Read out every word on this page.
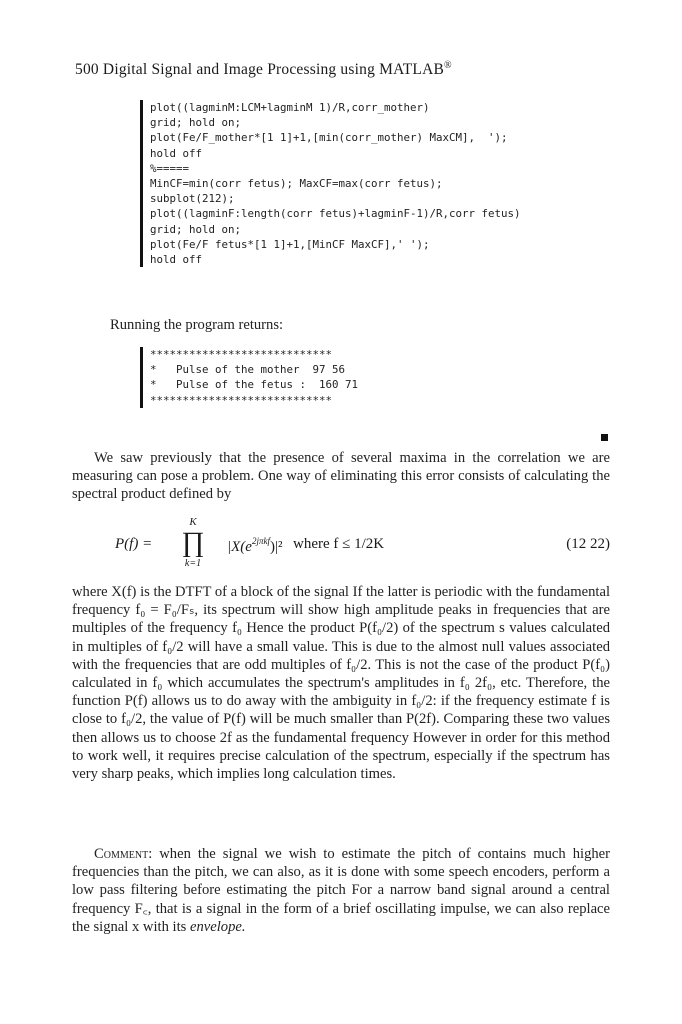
500 Digital Signal and Image Processing using MATLAB®
plot((lagminM:LCM+lagminM 1)/R,corr_mother)
grid; hold on;
plot(Fe/F_mother*[1 1]+1,[min(corr_mother) MaxCM],  ');
hold off
%=====
MinCF=min(corr fetus); MaxCF=max(corr fetus);
subplot(212);
plot((lagminF:length(corr fetus)+lagminF-1)/R,corr fetus)
grid; hold on;
plot(Fe/F fetus*[1 1]+1,[MinCF MaxCF],' ');
hold off
Running the program returns:
****************************
*   Pulse of the mother  97 56
*   Pulse of the fetus :  160 71
****************************
We saw previously that the presence of several maxima in the correlation we are measuring can pose a problem. One way of eliminating this error consists of calculating the spectral product defined by
P(f) =
K
∏
k=1
$|X(e^{2j\pi kf})|^2$ where f ≤ 1/2K	(12 22)
where X(f) is the DTFT of a block of the signal If the latter is periodic with the fundamental frequency f₀ = F₀/Fₛ, its spectrum will show high amplitude peaks in frequencies that are multiples of the frequency f₀ Hence the product P(f₀/2) of the spectrum s values calculated in multiples of f₀/2 will have a small value. This is due to the almost null values associated with the frequencies that are odd multiples of f₀/2. This is not the case of the product P(f₀) calculated in f₀ which accumulates the spectrum's amplitudes in f₀ 2f₀, etc. Therefore, the function P(f) allows us to do away with the ambiguity in f₀/2: if the frequency estimate f is close to f₀/2, the value of P(f) will be much smaller than P(2f). Comparing these two values then allows us to choose 2f as the fundamental frequency However in order for this method to work well, it requires precise calculation of the spectrum, especially if the spectrum has very sharp peaks, which implies long calculation times.
Comment: when the signal we wish to estimate the pitch of contains much higher frequencies than the pitch, we can also, as it is done with some speech encoders, perform a low pass filtering before estimating the pitch For a narrow band signal around a central frequency F꜀, that is a signal in the form of a brief oscillating impulse, we can also replace the signal x with its envelope.
